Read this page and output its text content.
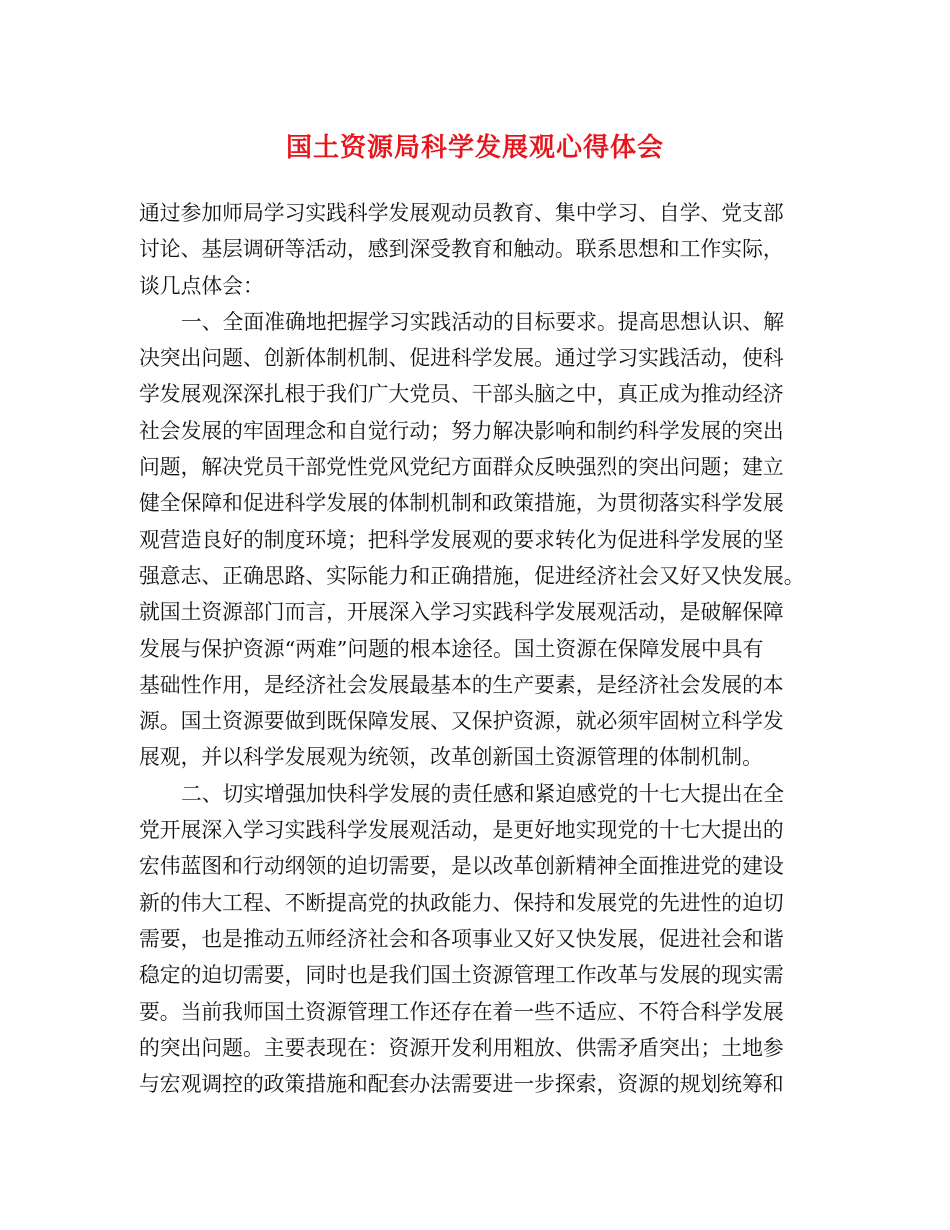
国土资源局科学发展观心得体会
通过参加师局学习实践科学发展观动员教育、集中学习、自学、党支部
讨论、基层调研等活动，感到深受教育和触动。联系思想和工作实际，
谈几点体会：
一、全面准确地把握学习实践活动的目标要求。提高思想认识、解
决突出问题、创新体制机制、促进科学发展。通过学习实践活动，使科
学发展观深深扎根于我们广大党员、干部头脑之中，真正成为推动经济
社会发展的牢固理念和自觉行动；努力解决影响和制约科学发展的突出
问题，解决党员干部党性党风党纪方面群众反映强烈的突出问题；建立
健全保障和促进科学发展的体制机制和政策措施，为贯彻落实科学发展
观营造良好的制度环境；把科学发展观的要求转化为促进科学发展的坚
强意志、正确思路、实际能力和正确措施，促进经济社会又好又快发展。
就国土资源部门而言，开展深入学习实践科学发展观活动，是破解保障
发展与保护资源“两难”问题的根本途径。国土资源在保障发展中具有
基础性作用，是经济社会发展最基本的生产要素，是经济社会发展的本
源。国土资源要做到既保障发展、又保护资源，就必须牢固树立科学发
展观，并以科学发展观为统领，改革创新国土资源管理的体制机制。
二、切实增强加快科学发展的责任感和紧迫感党的十七大提出在全
党开展深入学习实践科学发展观活动，是更好地实现党的十七大提出的
宏伟蓝图和行动纲领的迫切需要，是以改革创新精神全面推进党的建设
新的伟大工程、不断提高党的执政能力、保持和发展党的先进性的迫切
需要，也是推动五师经济社会和各项事业又好又快发展，促进社会和谐
稳定的迫切需要，同时也是我们国土资源管理工作改革与发展的现实需
要。当前我师国土资源管理工作还存在着一些不适应、不符合科学发展
的突出问题。主要表现在：资源开发利用粗放、供需矛盾突出；土地参
与宏观调控的政策措施和配套办法需要进一步探索，资源的规划统筹和
